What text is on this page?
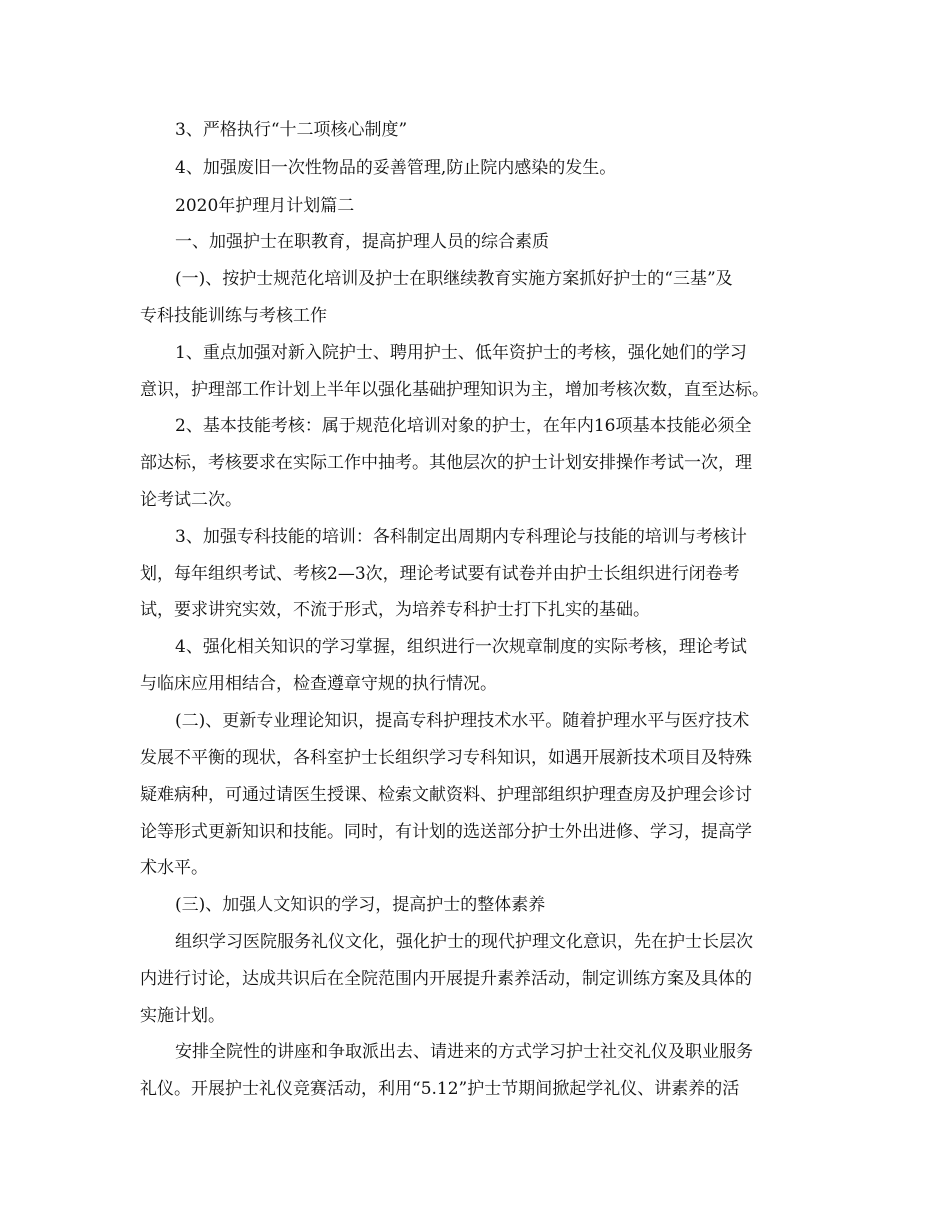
3、严格执行“十二项核心制度”
4、加强废旧一次性物品的妥善管理,防止院内感染的发生。
2020年护理月计划篇二
一、加强护士在职教育，提高护理人员的综合素质
(一)、按护士规范化培训及护士在职继续教育实施方案抓好护士的“三基”及
专科技能训练与考核工作
1、重点加强对新入院护士、聘用护士、低年资护士的考核，强化她们的学习
意识，护理部工作计划上半年以强化基础护理知识为主，增加考核次数，直至达标。
2、基本技能考核：属于规范化培训对象的护士，在年内16项基本技能必须全
部达标，考核要求在实际工作中抽考。其他层次的护士计划安排操作考试一次，理
论考试二次。
3、加强专科技能的培训：各科制定出周期内专科理论与技能的培训与考核计
划，每年组织考试、考核2—3次，理论考试要有试卷并由护士长组织进行闭卷考
试，要求讲究实效，不流于形式，为培养专科护士打下扎实的基础。
4、强化相关知识的学习掌握，组织进行一次规章制度的实际考核，理论考试
与临床应用相结合，检查遵章守规的执行情况。
(二)、更新专业理论知识，提高专科护理技术水平。随着护理水平与医疗技术
发展不平衡的现状，各科室护士长组织学习专科知识，如遇开展新技术项目及特殊
疑难病种，可通过请医生授课、检索文献资料、护理部组织护理查房及护理会诊讨
论等形式更新知识和技能。同时，有计划的选送部分护士外出进修、学习，提高学
术水平。
(三)、加强人文知识的学习，提高护士的整体素养
组织学习医院服务礼仪文化，强化护士的现代护理文化意识，先在护士长层次
内进行讨论，达成共识后在全院范围内开展提升素养活动，制定训练方案及具体的
实施计划。
安排全院性的讲座和争取派出去、请进来的方式学习护士社交礼仪及职业服务
礼仪。开展护士礼仪竞赛活动，利用“5.12”护士节期间掀起学礼仪、讲素养的活
